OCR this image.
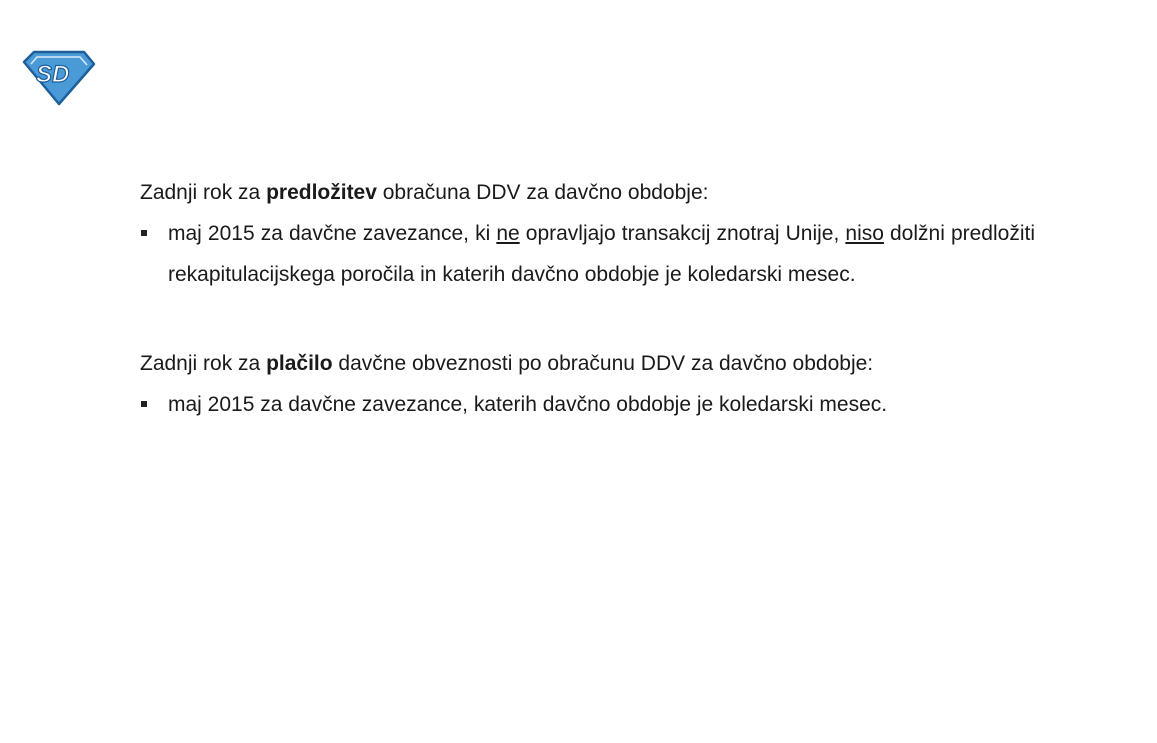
SD

Zadnji rok za predložitev obračuna DDV za davčno obdobje:

maj 2015 za davčne zavezance, ki ne opravljajo transakcij znotraj Unije, niso dolžni predložiti rekapitulacijskega poročila in katerih davčno obdobje je koledarski mesec.

Zadnji rok za plačilo davčne obveznosti po obračunu DDV za davčno obdobje:

maj 2015 za davčne zavezance, katerih davčno obdobje je koledarski mesec.
